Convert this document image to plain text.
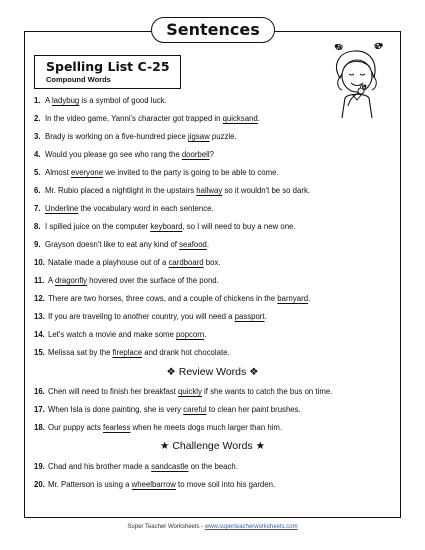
Sentences
Spelling List C-25
Compound Words
1. A ladybug is a symbol of good luck.
2. In the video game, Yanni's character got trapped in quicksand.
3. Brady is working on a five-hundred piece jigsaw puzzle.
4. Would you please go see who rang the doorbell?
5. Almost everyone we invited to the party is going to be able to come.
6. Mr. Rubio placed a nightlight in the upstairs hallway so it wouldn't be so dark.
7. Underline the vocabulary word in each sentence.
8. I spilled juice on the computer keyboard, so I will need to buy a new one.
9. Grayson doesn't like to eat any kind of seafood.
10. Natalie made a playhouse out of a cardboard box.
11. A dragonfly hovered over the surface of the pond.
12. There are two horses, three cows, and a couple of chickens in the barnyard.
13. If you are traveling to another country, you will need a passport.
14. Let's watch a movie and make some popcorn.
15. Melissa sat by the fireplace and drank hot chocolate.
❖ Review Words ❖
16. Chen will need to finish her breakfast quickly if she wants to catch the bus on time.
17. When Isla is done painting, she is very careful to clean her paint brushes.
18. Our puppy acts fearless when he meets dogs much larger than him.
★ Challenge Words ★
19. Chad and his brother made a sandcastle on the beach.
20. Mr. Patterson is using a wheelbarrow to move soil into his garden.
Super Teacher Worksheets - www.superteacherworksheets.com
